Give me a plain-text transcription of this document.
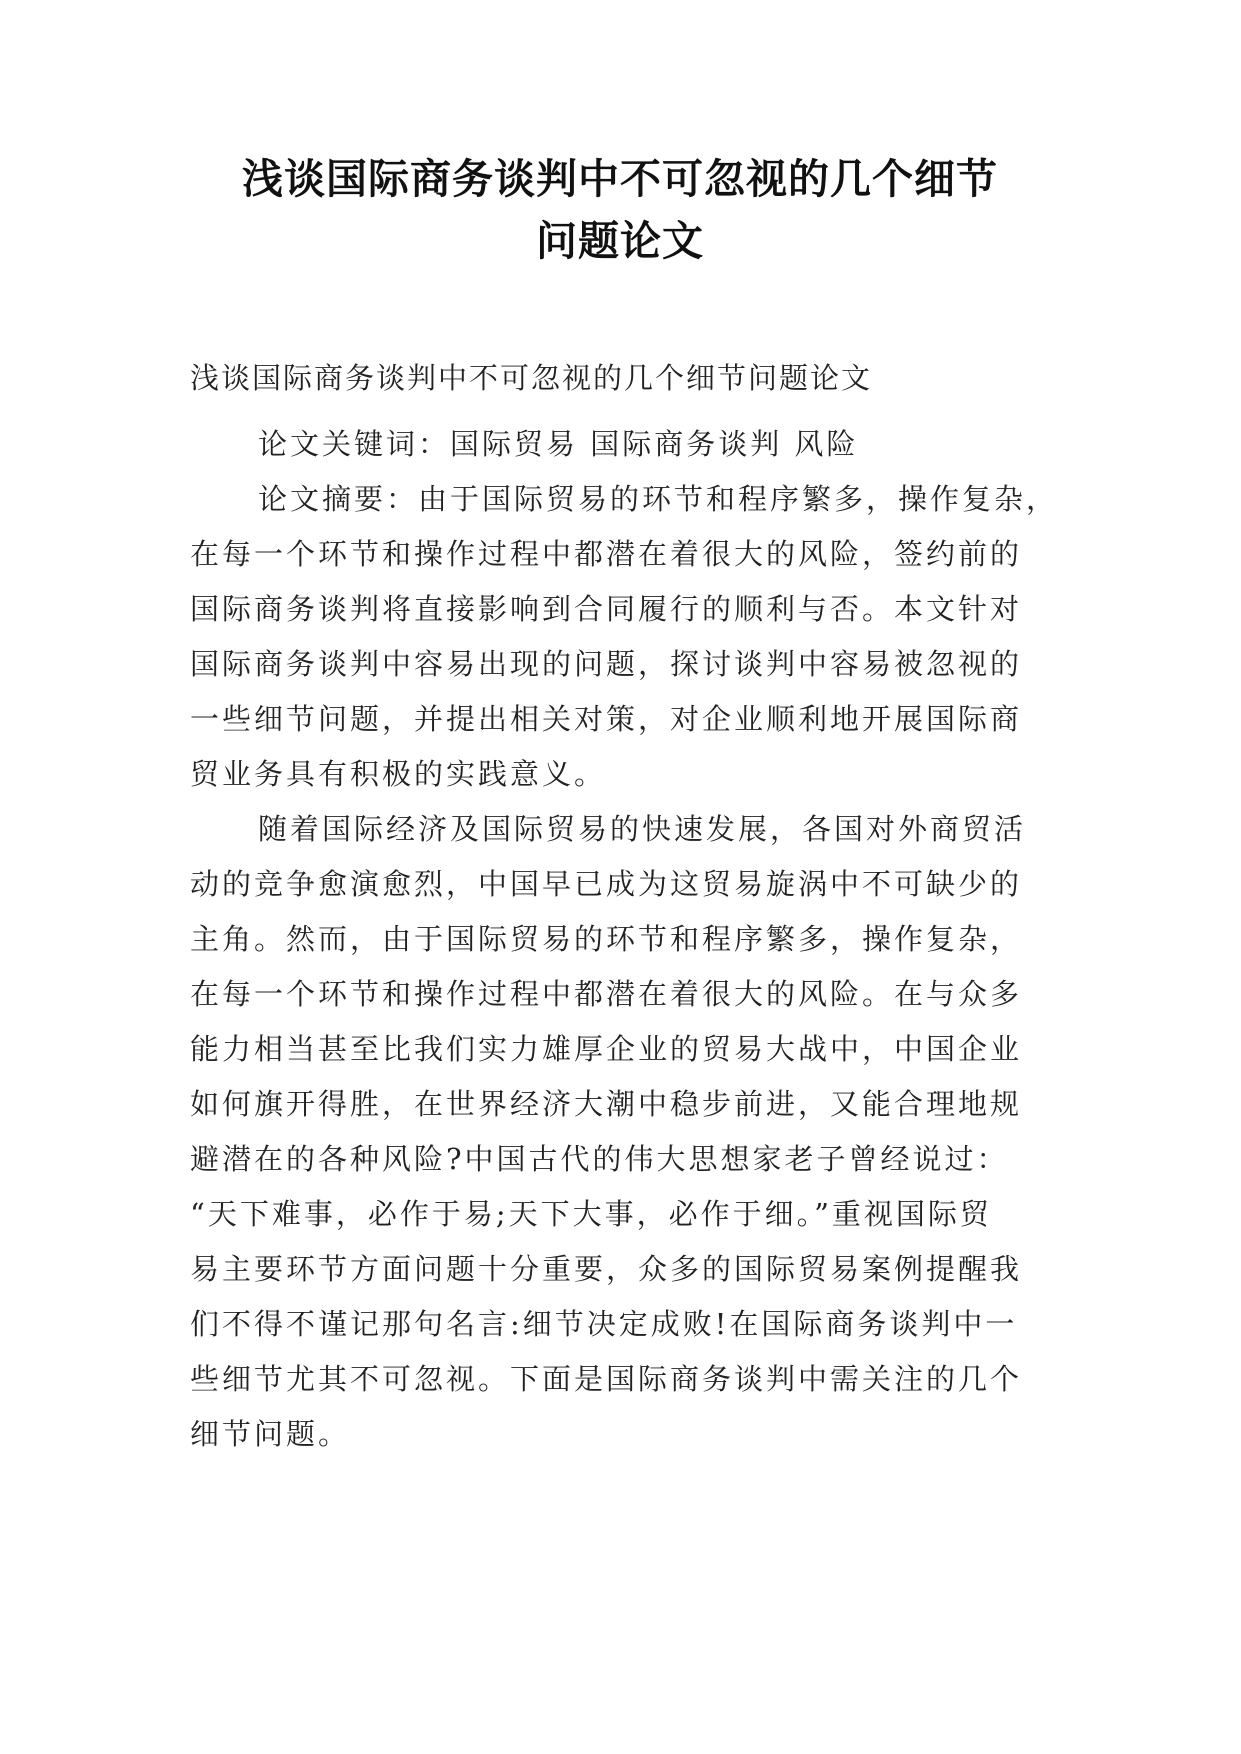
浅谈国际商务谈判中不可忽视的几个细节
问题论文
浅谈国际商务谈判中不可忽视的几个细节问题论文
论文关键词：国际贸易 国际商务谈判 风险
论文摘要：由于国际贸易的环节和程序繁多，操作复杂，
在每一个环节和操作过程中都潜在着很大的风险，签约前的
国际商务谈判将直接影响到合同履行的顺利与否。本文针对
国际商务谈判中容易出现的问题，探讨谈判中容易被忽视的
一些细节问题，并提出相关对策，对企业顺利地开展国际商
贸业务具有积极的实践意义。
随着国际经济及国际贸易的快速发展，各国对外商贸活
动的竞争愈演愈烈，中国早已成为这贸易旋涡中不可缺少的
主角。然而，由于国际贸易的环节和程序繁多，操作复杂，
在每一个环节和操作过程中都潜在着很大的风险。在与众多
能力相当甚至比我们实力雄厚企业的贸易大战中，中国企业
如何旗开得胜，在世界经济大潮中稳步前进，又能合理地规
避潜在的各种风险?中国古代的伟大思想家老子曾经说过：
“天下难事，必作于易;天下大事，必作于细。”重视国际贸
易主要环节方面问题十分重要，众多的国际贸易案例提醒我
们不得不谨记那句名言:细节决定成败!在国际商务谈判中一
些细节尤其不可忽视。下面是国际商务谈判中需关注的几个
细节问题。
